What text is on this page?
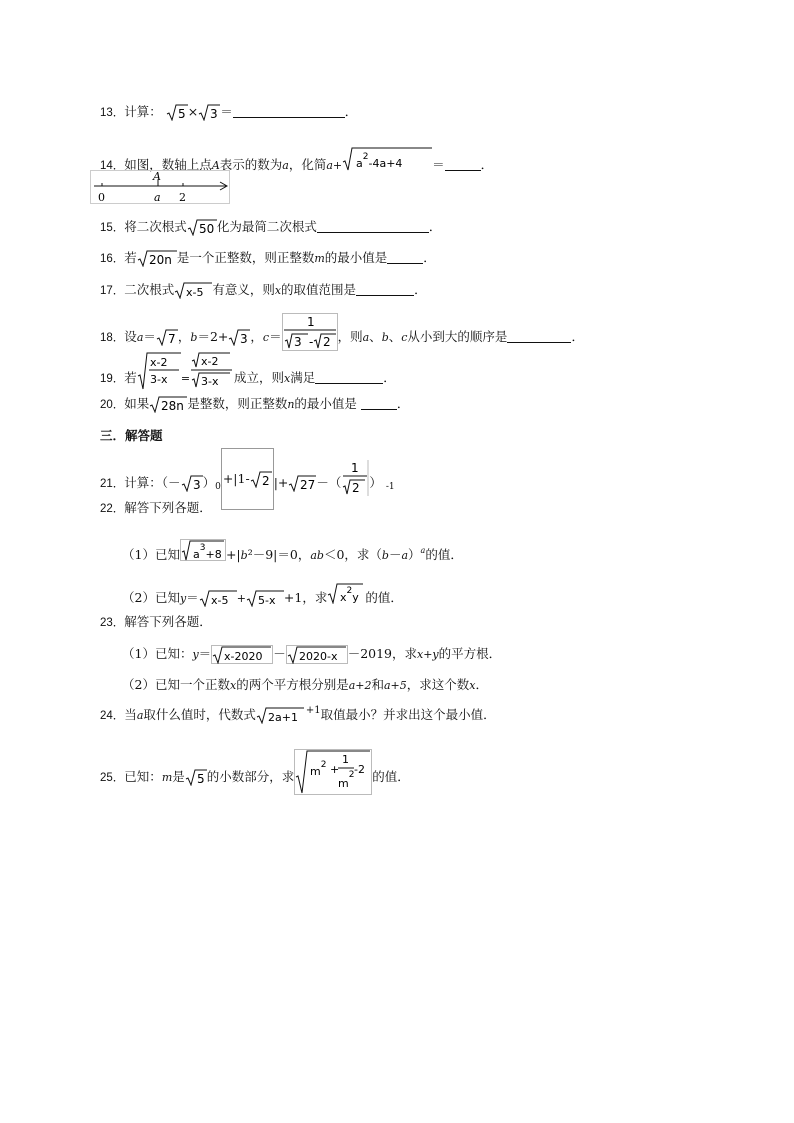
13．计算： 5 × 3 ＝	．
14．如图，数轴上点A表示的数为a，化简$a+ a^2-4a+4$ ＝	．
A
0	a 2
15．将二次根式 50 化为最简二次根式	．
16．若 20n 是一个正整数，则正整数m的最小值是	．
17．二次根式 x-5 有意义，则x的取值范围是	．
18．设a＝ 7 ，b＝2+ 3 ，c＝
1
3 - 2 ，则a、b、c从小到大的顺序是	．
19．若
x-2
3-x =
x-2
3-x 成立，则x满足	．
20．如果 28n 是整数，则正整数n的最小值是	．
三．解答题
21．计算：（－ 3 ）0+|1- 2 |+ 27 －（
1
2 ） -1
22．解答下列各题．
（1）已知 $a^3+8 +|b^2-9|=0$，ab＜0，求$(b-a)^a$的值．
（2）已知y＝ x-5 + 5-x +1，求 $x^2y$ 的值．
23．解答下列各题．
（1）已知：y＝ x-2020 － 2020-x －2019，求x+y的平方根．
（2）已知一个正数x的两个平方根分别是a+2和a+5，求这个数x．
24．当a取什么值时，代数式 2a+1
$^{+1}$取值最小？并求出这个最小值．
25．已知：m是 5 的小数部分，求 $m^2$ +
1
$m^2$ -2 的值．
